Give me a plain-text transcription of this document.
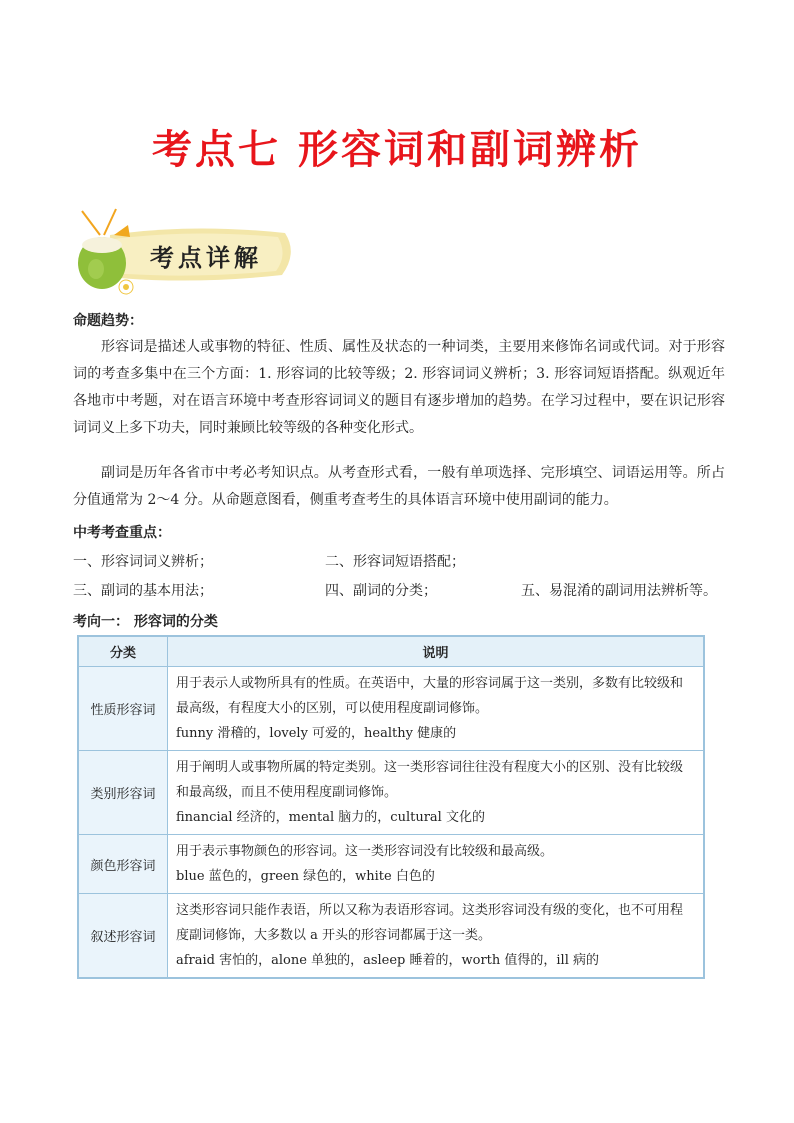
考点七 形容词和副词辨析
考点详解
命题趋势：
形容词是描述人或事物的特征、性质、属性及状态的一种词类，主要用来修饰名词或代词。对于形容词的考查多集中在三个方面：1. 形容词的比较等级；2. 形容词词义辨析；3. 形容词短语搭配。纵观近年各地市中考题，对在语言环境中考查形容词词义的题目有逐步增加的趋势。在学习过程中，要在识记形容词词义上多下功夫，同时兼顾比较等级的各种变化形式。
副词是历年各省市中考必考知识点。从考查形式看，一般有单项选择、完形填空、词语运用等。所占分值通常为 2～4 分。从命题意图看，侧重考查考生的具体语言环境中使用副词的能力。
中考考查重点：
一、形容词词义辨析；	二、形容词短语搭配；
三、副词的基本用法；	四、副词的分类；	五、易混淆的副词用法辨析等。
考向一： 形容词的分类
分类	说明
性质形容词	用于表示人或物所具有的性质。在英语中，大量的形容词属于这一类别，多数有比较级和最高级，有程度大小的区别，可以使用程度副词修饰。
funny 滑稽的，lovely 可爱的，healthy 健康的

类别形容词	用于阐明人或事物所属的特定类别。这一类形容词往往没有程度大小的区别、没有比较级和最高级，而且不使用程度副词修饰。
financial 经济的，mental 脑力的，cultural 文化的

颜色形容词	用于表示事物颜色的形容词。这一类形容词没有比较级和最高级。
blue 蓝色的，green 绿色的，white 白色的

叙述形容词	这类形容词只能作表语，所以又称为表语形容词。这类形容词没有级的变化，也不可用程度副词修饰，大多数以 a 开头的形容词都属于这一类。
afraid 害怕的，alone 单独的，asleep 睡着的，worth 值得的，ill 病的
